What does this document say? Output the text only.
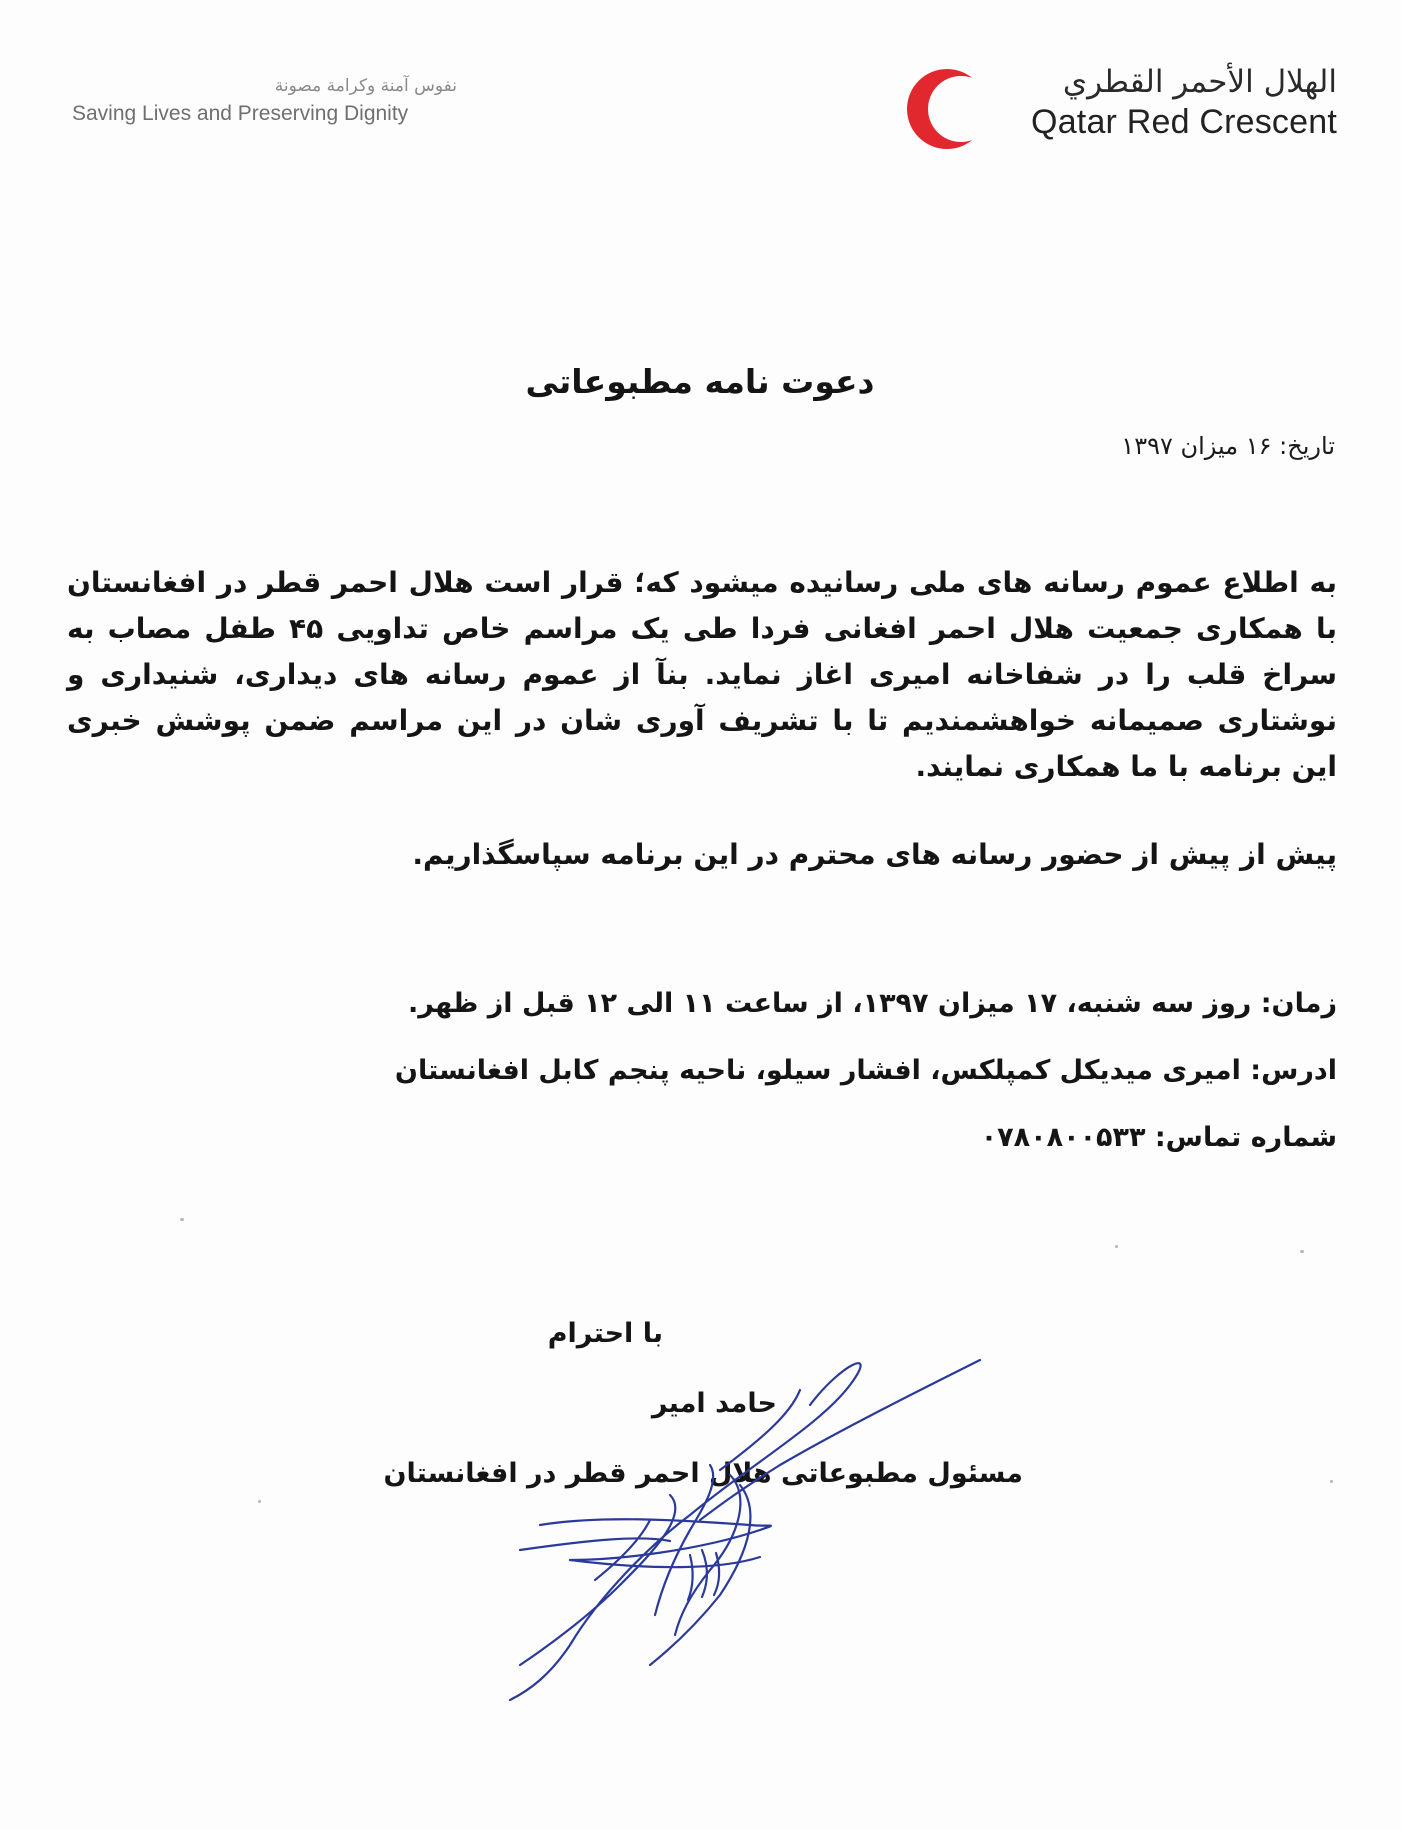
نفوس آمنة وكرامة مصونة
Saving Lives and Preserving Dignity
الهلال الأحمر القطري
Qatar Red Crescent
دعوت نامه مطبوعاتی
تاریخ: ۱۶ میزان ۱۳۹۷
به اطلاع عموم رسانه های ملی رسانیده میشود که؛ قرار است هلال احمر قطر در افغانستان با همکاری جمعیت هلال احمر افغانی فردا طی یک مراسم خاص تداویی ۴۵ طفل مصاب به سراخ قلب را در شفاخانه امیری اغاز نماید. بنآ از عموم رسانه های دیداری، شنیداری و نوشتاری صمیمانه خواهشمندیم تا با تشریف آوری شان در این مراسم ضمن پوشش خبری این برنامه با ما همکاری نمایند.
پیش از پیش از حضور رسانه های محترم در این برنامه سپاسگذاریم.
زمان: روز سه شنبه، ۱۷ میزان ۱۳۹۷، از ساعت ۱۱ الی ۱۲ قبل از ظهر.
ادرس: امیری میدیکل کمپلکس، افشار سیلو، ناحیه پنجم کابل افغانستان
شماره تماس: ۰۷۸۰۸۰۰۵۳۳
با احترام
حامد امیر
مسئول مطبوعاتی هلال احمر قطر در افغانستان
